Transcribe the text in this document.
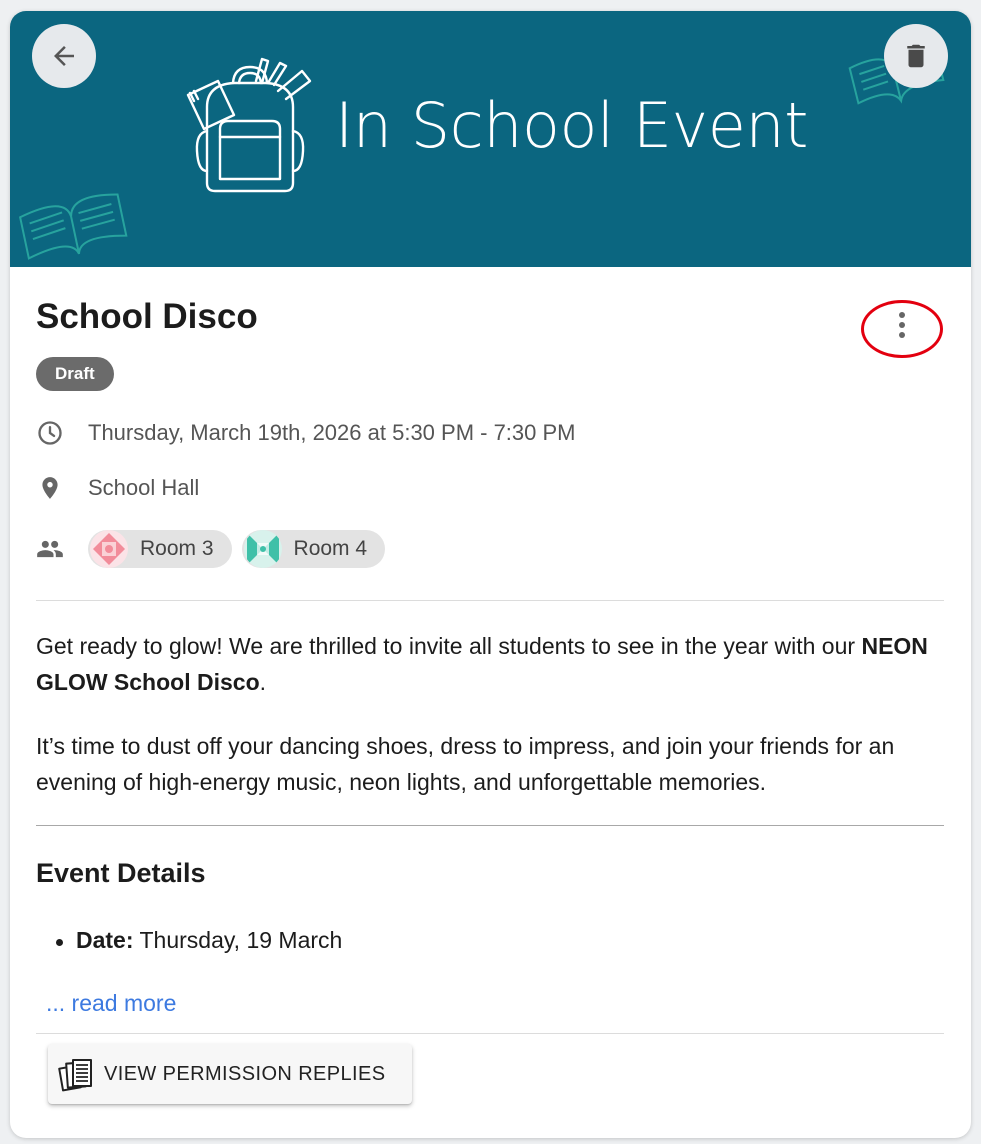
In School Event
School Disco
Draft
Thursday, March 19th, 2026 at 5:30 PM - 7:30 PM
School Hall
Room 3	Room 4

Get ready to glow! We are thrilled to invite all students to see in the year with our NEON GLOW School Disco.

It’s time to dust off your dancing shoes, dress to impress, and join your friends for an evening of high-energy music, neon lights, and unforgettable memories.

Event Details
Date: Thursday, 19 March
... read more
VIEW PERMISSION REPLIES
